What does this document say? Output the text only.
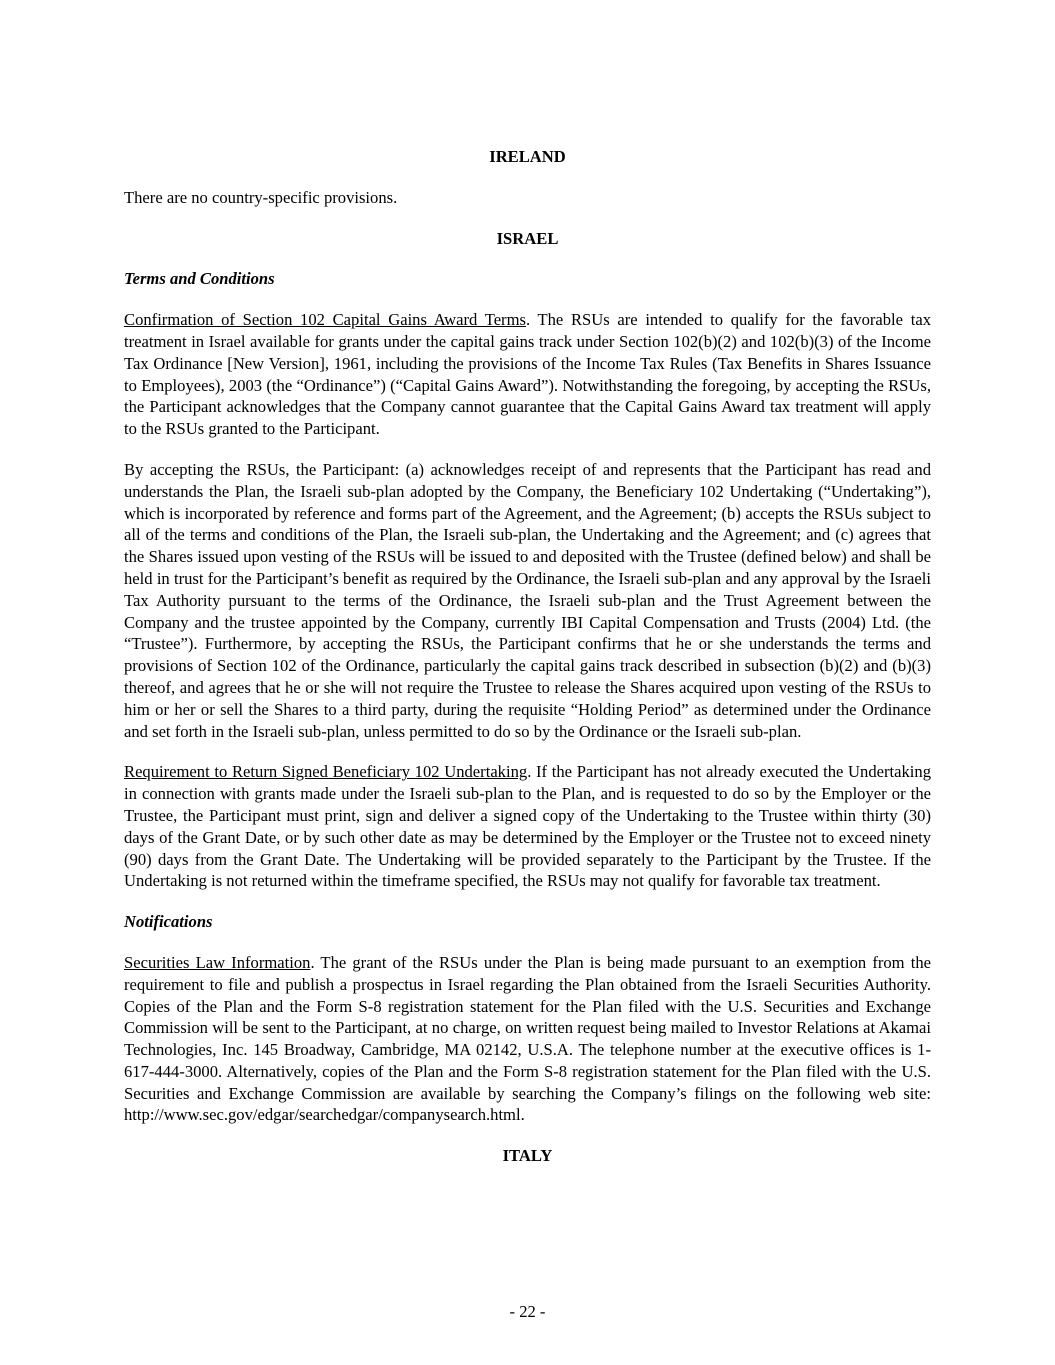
IRELAND

There are no country-specific provisions.

ISRAEL
Terms and Conditions

Confirmation of Section 102 Capital Gains Award Terms. The RSUs are intended to qualify for the favorable tax treatment in Israel available for grants under the capital gains track under Section 102(b)(2) and 102(b)(3) of the Income Tax Ordinance [New Version], 1961, including the provisions of the Income Tax Rules (Tax Benefits in Shares Issuance to Employees), 2003 (the “Ordinance”) (“Capital Gains Award”). Notwithstanding the foregoing, by accepting the RSUs, the Participant acknowledges that the Company cannot guarantee that the Capital Gains Award tax treatment will apply to the RSUs granted to the Participant.

By accepting the RSUs, the Participant: (a) acknowledges receipt of and represents that the Participant has read and understands the Plan, the Israeli sub-plan adopted by the Company, the Beneficiary 102 Undertaking (“Undertaking”), which is incorporated by reference and forms part of the Agreement, and the Agreement; (b) accepts the RSUs subject to all of the terms and conditions of the Plan, the Israeli sub-plan, the Undertaking and the Agreement; and (c) agrees that the Shares issued upon vesting of the RSUs will be issued to and deposited with the Trustee (defined below) and shall be held in trust for the Participant’s benefit as required by the Ordinance, the Israeli sub-plan and any approval by the Israeli Tax Authority pursuant to the terms of the Ordinance, the Israeli sub-plan and the Trust Agreement between the Company and the trustee appointed by the Company, currently IBI Capital Compensation and Trusts (2004) Ltd. (the “Trustee”). Furthermore, by accepting the RSUs, the Participant confirms that he or she understands the terms and provisions of Section 102 of the Ordinance, particularly the capital gains track described in subsection (b)(2) and (b)(3) thereof, and agrees that he or she will not require the Trustee to release the Shares acquired upon vesting of the RSUs to him or her or sell the Shares to a third party, during the requisite “Holding Period” as determined under the Ordinance and set forth in the Israeli sub-plan, unless permitted to do so by the Ordinance or the Israeli sub-plan.

Requirement to Return Signed Beneficiary 102 Undertaking. If the Participant has not already executed the Undertaking in connection with grants made under the Israeli sub-plan to the Plan, and is requested to do so by the Employer or the Trustee, the Participant must print, sign and deliver a signed copy of the Undertaking to the Trustee within thirty (30) days of the Grant Date, or by such other date as may be determined by the Employer or the Trustee not to exceed ninety (90) days from the Grant Date. The Undertaking will be provided separately to the Participant by the Trustee. If the Undertaking is not returned within the timeframe specified, the RSUs may not qualify for favorable tax treatment.

Notifications

Securities Law Information. The grant of the RSUs under the Plan is being made pursuant to an exemption from the requirement to file and publish a prospectus in Israel regarding the Plan obtained from the Israeli Securities Authority. Copies of the Plan and the Form S-8 registration statement for the Plan filed with the U.S. Securities and Exchange Commission will be sent to the Participant, at no charge, on written request being mailed to Investor Relations at Akamai Technologies, Inc. 145 Broadway, Cambridge, MA 02142, U.S.A. The telephone number at the executive offices is 1-617-444-3000. Alternatively, copies of the Plan and the Form S-8 registration statement for the Plan filed with the U.S. Securities and Exchange Commission are available by searching the Company’s filings on the following web site: http://www.sec.gov/edgar/searchedgar/companysearch.html.

ITALY
- 22 -
